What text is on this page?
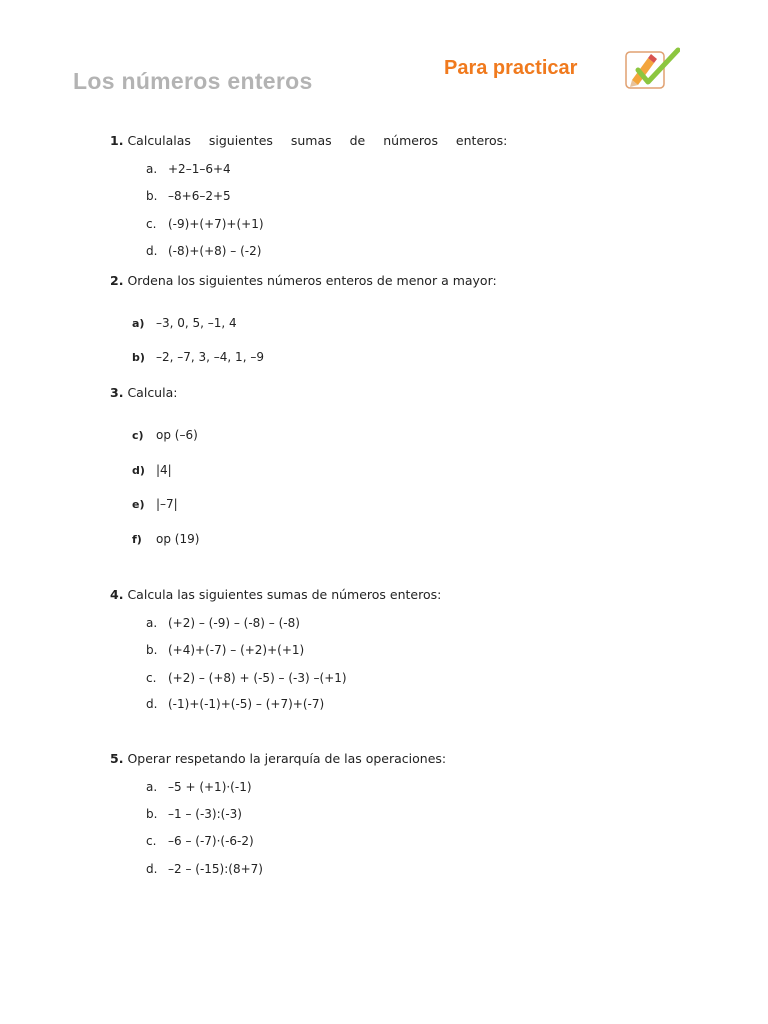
Los números enteros	Para practicar
1. Calculalas siguientes sumas de números enteros:
a. +2–1–6+4
b. –8+6–2+5
c. (-9)+(+7)+(+1)
d. (-8)+(+8) – (-2)
2. Ordena los siguientes números enteros de menor a mayor:
a) –3, 0, 5, –1, 4
b) –2, –7, 3, –4, 1, –9
3. Calcula:
c) op (–6)
d) |4|
e) |–7|
f) op (19)
4. Calcula las siguientes sumas de números enteros:
a. (+2) – (-9) – (-8) – (-8)
b. (+4)+(-7) – (+2)+(+1)
c. (+2) – (+8) + (-5) – (-3) –(+1)
d. (-1)+(-1)+(-5) – (+7)+(-7)
5. Operar respetando la jerarquía de las operaciones:
a. –5 + (+1)·(-1)
b. –1 – (-3):(-3)
c. –6 – (-7)·(-6-2)
d. –2 – (-15):(8+7)
